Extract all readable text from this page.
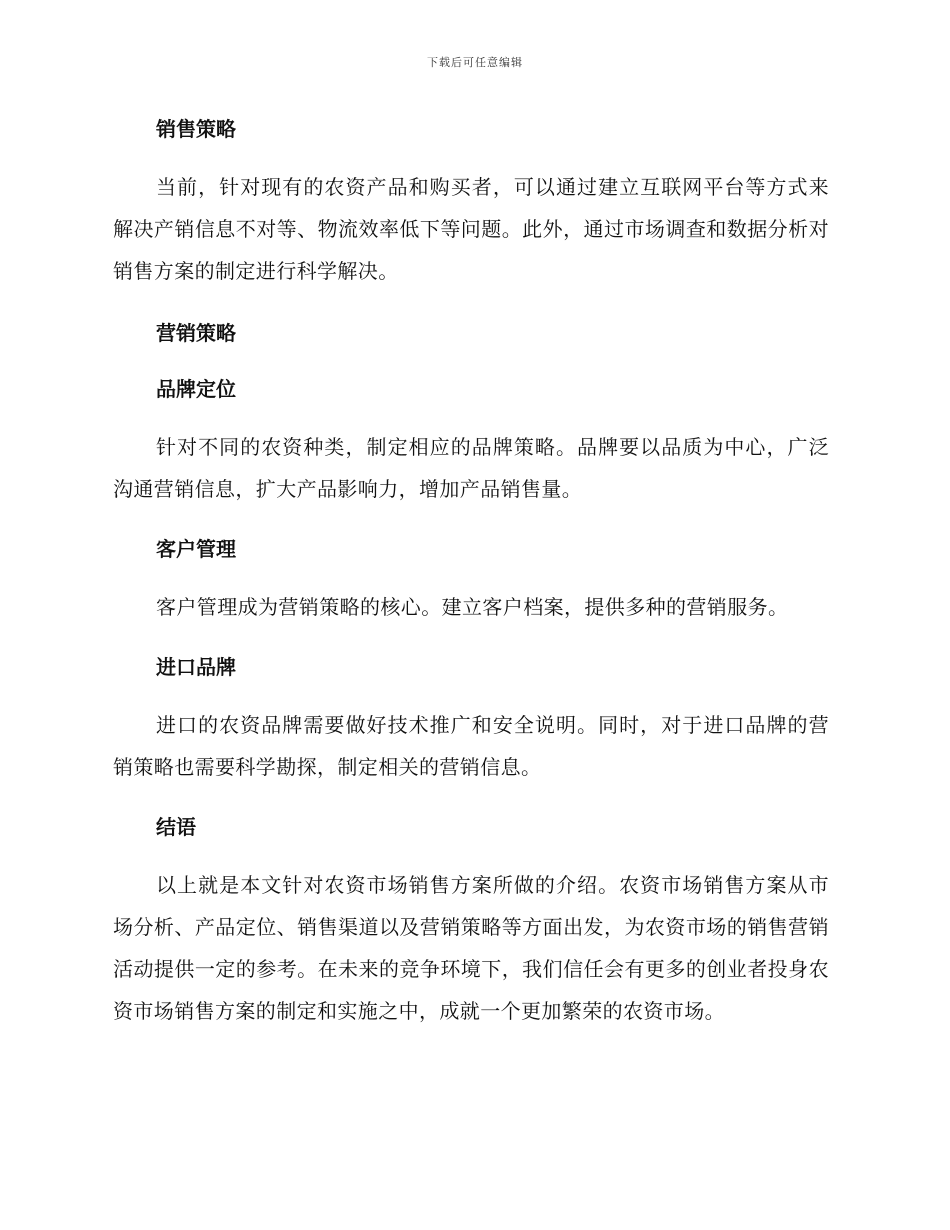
下载后可任意编辑
销售策略

当前，针对现有的农资产品和购买者，可以通过建立互联网平台等方式来解决产销信息不对等、物流效率低下等问题。此外，通过市场调查和数据分析对销售方案的制定进行科学解决。

营销策略
品牌定位

针对不同的农资种类，制定相应的品牌策略。品牌要以品质为中心，广泛沟通营销信息，扩大产品影响力，增加产品销售量。

客户管理

客户管理成为营销策略的核心。建立客户档案，提供多种的营销服务。

进口品牌

进口的农资品牌需要做好技术推广和安全说明。同时，对于进口品牌的营销策略也需要科学勘探，制定相关的营销信息。

结语

以上就是本文针对农资市场销售方案所做的介绍。农资市场销售方案从市场分析、产品定位、销售渠道以及营销策略等方面出发，为农资市场的销售营销活动提供一定的参考。在未来的竞争环境下，我们信任会有更多的创业者投身农资市场销售方案的制定和实施之中，成就一个更加繁荣的农资市场。
